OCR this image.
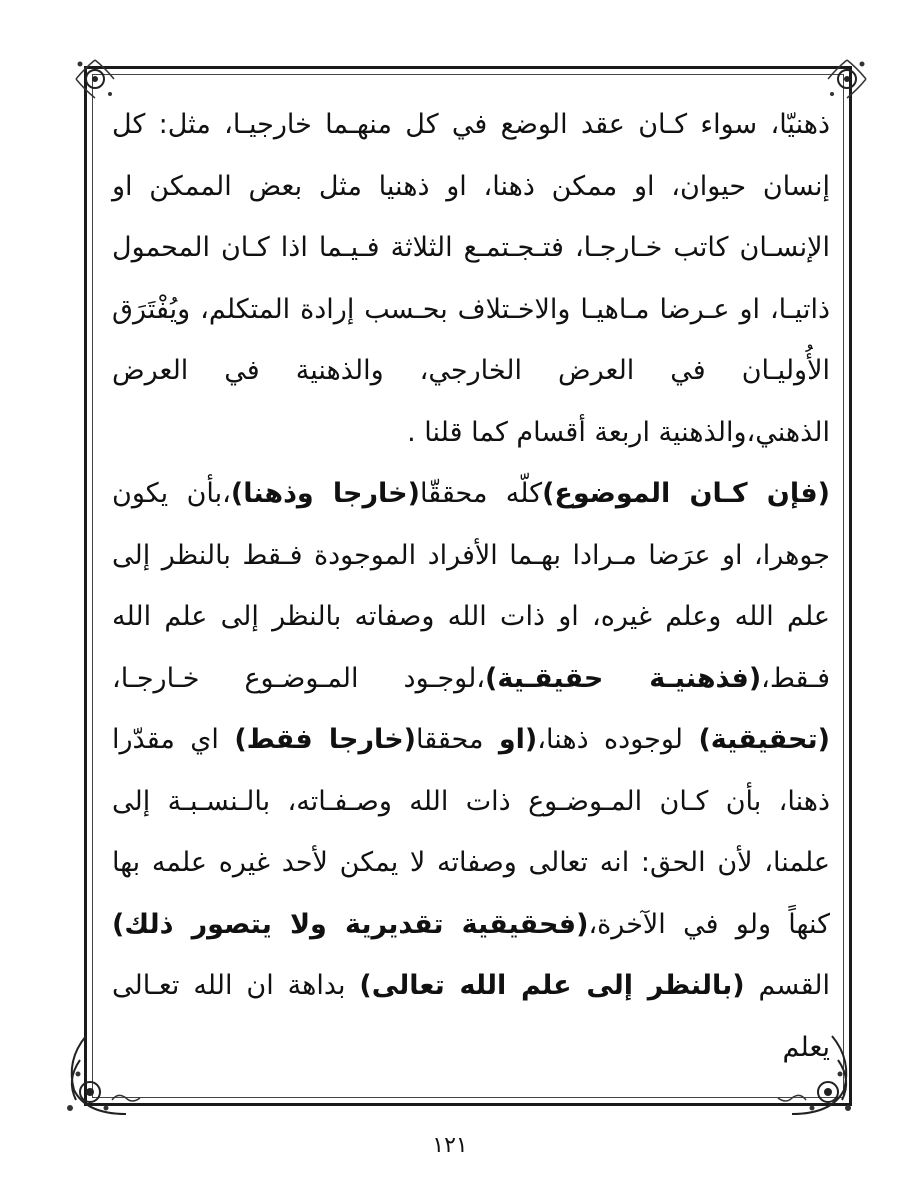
ذهنيّا، سواء كـان عقد الوضع في كل منهـما خارجيـا، مثل: كل إنسان حيوان، او ممكن ذهنا، او ذهنيا مثل بعض الممكن او الإنسـان كاتب خـارجـا، فتـجـتمـع الثلاثة فـيـما اذا كـان المحمول ذاتيـا، او عـرضا مـاهيـا والاخـتلاف بحـسب إرادة المتكلم، ويُفْتَرَق الأُوليـان في العرض الخارجي، والذهنية في العرض الذهني،والذهنية اربعة أقسام كما قلنا .

(فإن كـان الموضوع)كلّه محققّا(خارجا وذهنا)،بأن يكون جوهرا، او عرَضا مـرادا بهـما الأفراد الموجودة فـقط بالنظر إلى علم الله وعلم غيره، او ذات الله وصفاته بالنظر إلى علم الله فـقط،(فذهنيـة حقيقـية)،لوجـود المـوضـوع خـارجـا، (تحقيقية) لوجوده ذهنا،(او محققا(خارجا فقط) اي مقدّرا ذهنا، بأن كـان المـوضـوع ذات الله وصـفـاته، بالـنسـبـة إلى علمنا، لأن الحق: انه تعالى وصفاته لا يمكن لأحد غيره علمه بها كنهاً ولو في الآخرة،(فحقيقية تقديرية ولا يتصور ذلك) القسم (بالنظر إلى علم الله تعالى) بداهة ان الله تعـالى يعلم

١٢١
